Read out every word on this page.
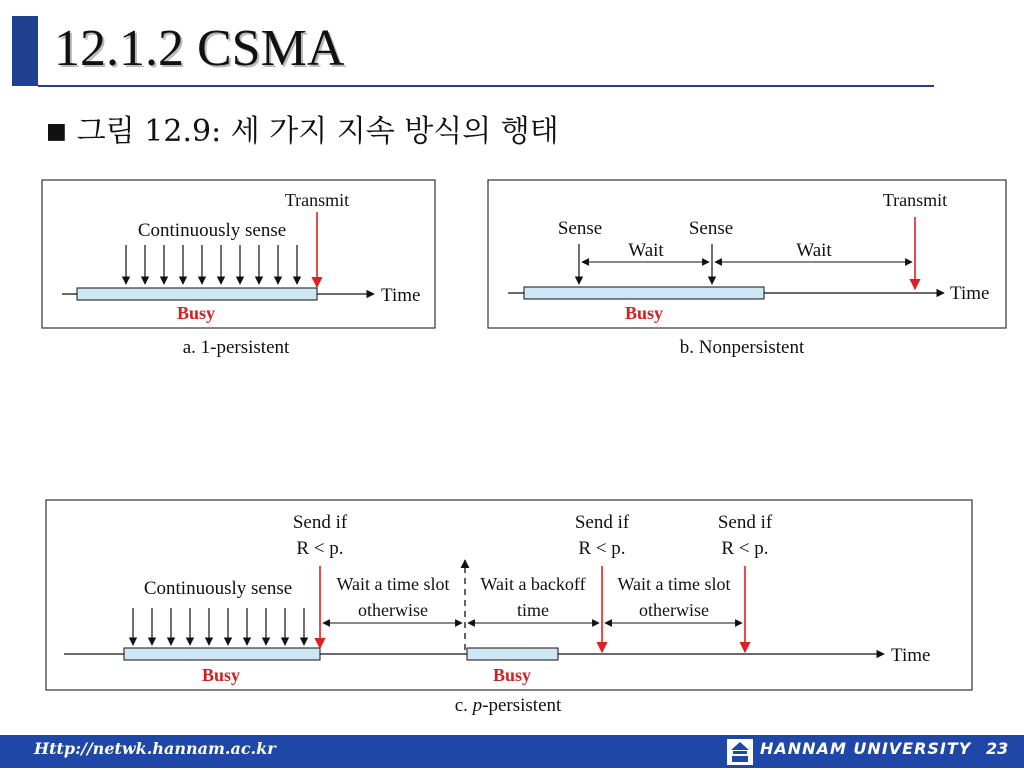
12.1.2 CSMA
■ 그림 12.9: 세 가지 지속 방식의 행태
Transmit
Continuously sense
Time
Busy
a. 1-persistent
Transmit
Sense	Sense
Wait	Wait
Time
Busy
b. Nonpersistent
Send if
R < p.
Send if
R < p.
Send if
R < p.
Continuously sense Wait a time slot
otherwise
Wait a backoff
time
Wait a time slot
otherwise
Time
Busy	Busy
c. p-persistent
Http://netwk.hannam.ac.kr	HANNAM UNIVERSITY 23
